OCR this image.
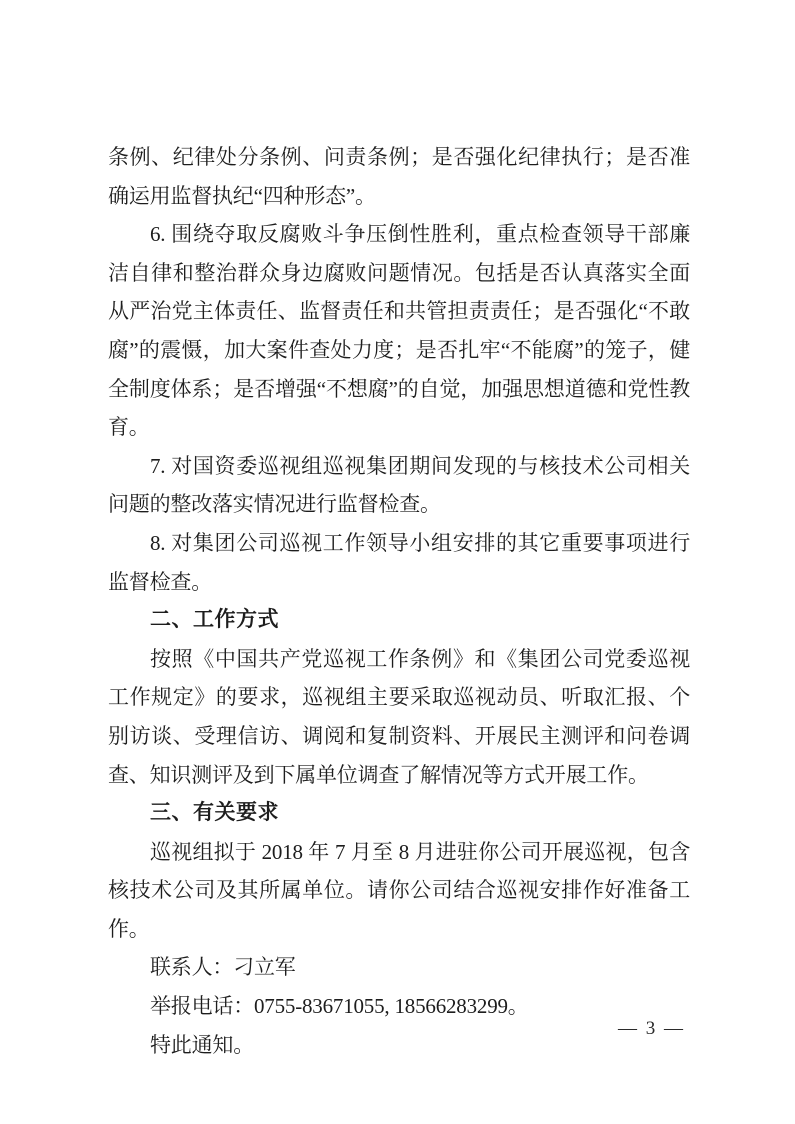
条例、纪律处分条例、问责条例；是否强化纪律执行；是否准确运用监督执纪“四种形态”。

6. 围绕夺取反腐败斗争压倒性胜利，重点检查领导干部廉洁自律和整治群众身边腐败问题情况。包括是否认真落实全面从严治党主体责任、监督责任和共管担责责任；是否强化“不敢腐”的震慑，加大案件查处力度；是否扎牢“不能腐”的笼子，健全制度体系；是否增强“不想腐”的自觉，加强思想道德和党性教育。

7. 对国资委巡视组巡视集团期间发现的与核技术公司相关问题的整改落实情况进行监督检查。

8. 对集团公司巡视工作领导小组安排的其它重要事项进行监督检查。

二、工作方式

按照《中国共产党巡视工作条例》和《集团公司党委巡视工作规定》的要求，巡视组主要采取巡视动员、听取汇报、个别访谈、受理信访、调阅和复制资料、开展民主测评和问卷调查、知识测评及到下属单位调查了解情况等方式开展工作。

三、有关要求

巡视组拟于 2018 年 7 月至 8 月进驻你公司开展巡视，包含核技术公司及其所属单位。请你公司结合巡视安排作好准备工作。

联系人：刁立军

举报电话：0755-83671055, 18566283299。

特此通知。

— 3 —
